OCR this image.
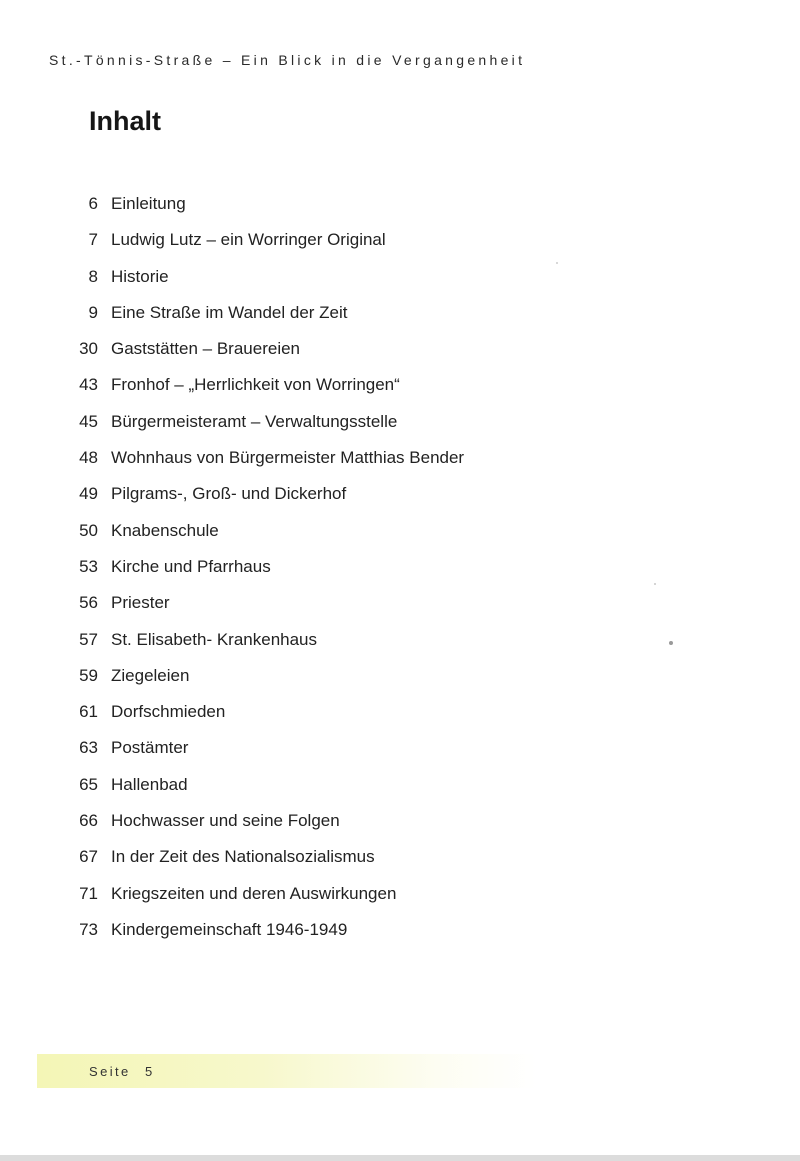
St.-Tönnis-Straße – Ein Blick in die Vergangenheit
Inhalt
6 Einleitung
7 Ludwig Lutz – ein Worringer Original
8 Historie
9 Eine Straße im Wandel der Zeit
30 Gaststätten – Brauereien
43 Fronhof – „Herrlichkeit von Worringen“
45 Bürgermeisteramt – Verwaltungsstelle
48 Wohnhaus von Bürgermeister Matthias Bender
49 Pilgrams-, Groß- und Dickerhof
50 Knabenschule
53 Kirche und Pfarrhaus
56 Priester
57 St. Elisabeth- Krankenhaus
59 Ziegeleien
61 Dorfschmieden
63 Postämter
65 Hallenbad
66 Hochwasser und seine Folgen
67 In der Zeit des Nationalsozialismus
71 Kriegszeiten und deren Auswirkungen
73 Kindergemeinschaft 1946-1949
Seite 5
